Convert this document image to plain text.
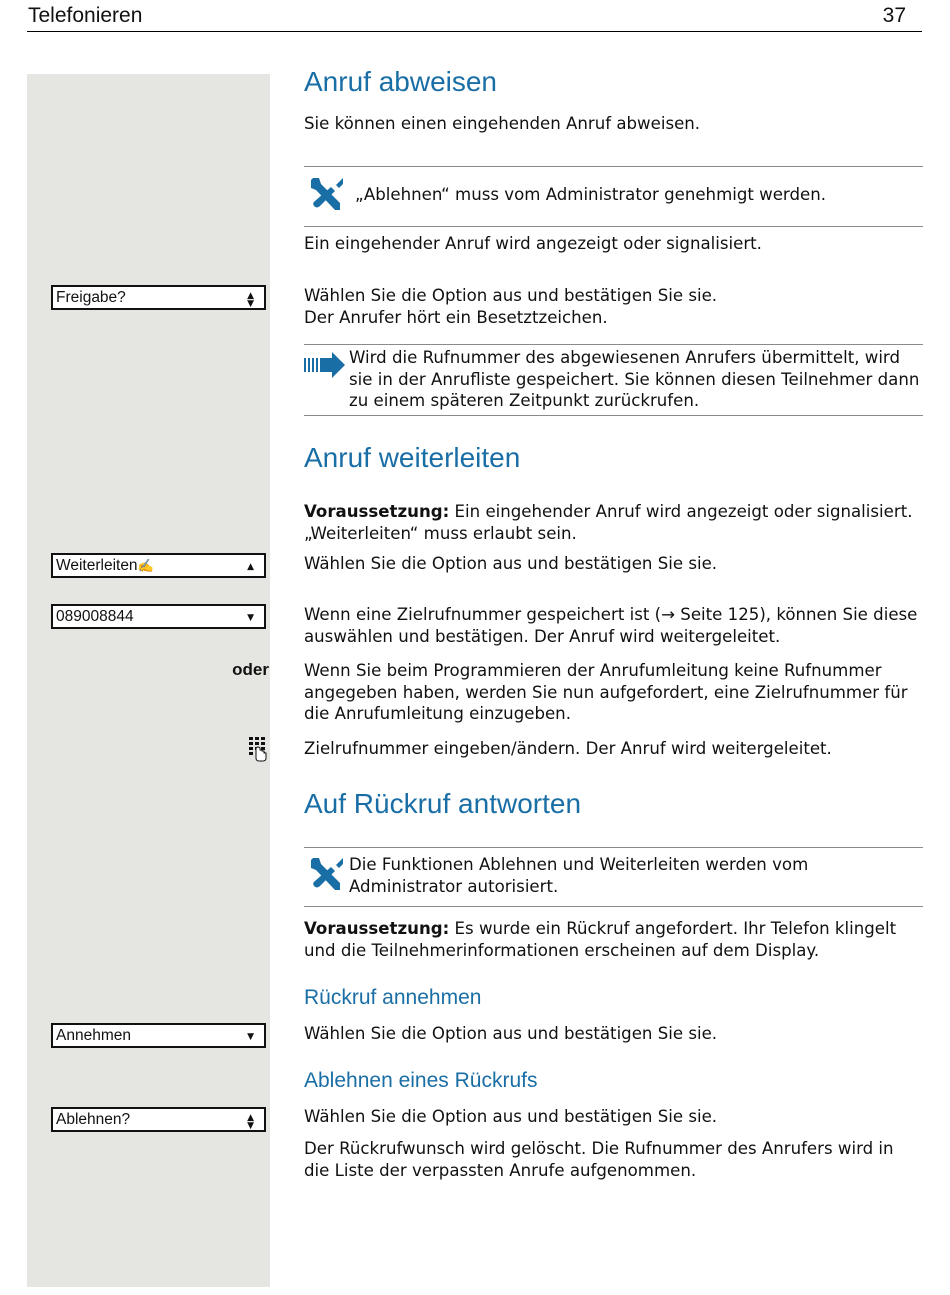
Telefonieren	37
Freigabe?	▲
▼
Weiterleiten✍	▲
089008844	▼
Annehmen	▼
Ablehnen?	▲
▼
oder
Anruf abweisen

Sie können einen eingehenden Anruf abweisen.

„Ablehnen“ muss vom Administrator genehmigt werden.

Ein eingehender Anruf wird angezeigt oder signalisiert.

Wählen Sie die Option aus und bestätigen Sie sie.
Der Anrufer hört ein Besetztzeichen.

Wird die Rufnummer des abgewiesenen Anrufers übermittelt, wird sie in der Anrufliste gespeichert. Sie können diesen Teilnehmer dann zu einem späteren Zeitpunkt zurückrufen.

Anruf weiterleiten

Voraussetzung: Ein eingehender Anruf wird angezeigt oder signalisiert. „Weiterleiten“ muss erlaubt sein.

Wählen Sie die Option aus und bestätigen Sie sie.

Wenn eine Zielrufnummer gespeichert ist (→ Seite 125), können Sie diese auswählen und bestätigen. Der Anruf wird weitergeleitet.

Wenn Sie beim Programmieren der Anrufumleitung keine Rufnummer angegeben haben, werden Sie nun aufgefordert, eine Zielrufnummer für die Anrufumleitung einzugeben.

Zielrufnummer eingeben/ändern. Der Anruf wird weitergeleitet.

Auf Rückruf antworten

Die Funktionen Ablehnen und Weiterleiten werden vom Administrator autorisiert.

Voraussetzung: Es wurde ein Rückruf angefordert. Ihr Telefon klingelt und die Teilnehmerinformationen erscheinen auf dem Display.

Rückruf annehmen

Wählen Sie die Option aus und bestätigen Sie sie.

Ablehnen eines Rückrufs

Wählen Sie die Option aus und bestätigen Sie sie.

Der Rückrufwunsch wird gelöscht. Die Rufnummer des Anrufers wird in die Liste der verpassten Anrufe aufgenommen.
